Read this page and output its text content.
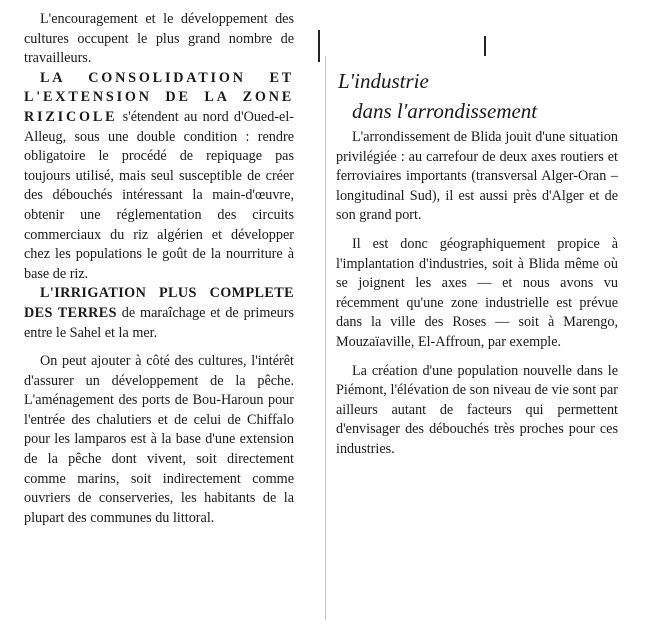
L'encouragement et le développement des cultures occupent le plus grand nombre de travailleurs.

LA CONSOLIDATION ET L'EXTENSION DE LA ZONE RIZICOLE s'étendent au nord d'Oued-el-Alleug, sous une double condition : rendre obligatoire le procédé de repiquage pas toujours utilisé, mais seul susceptible de créer des débouchés intéressant la main-d'œuvre, obtenir une réglementation des circuits commerciaux du riz algérien et développer chez les populations le goût de la nourriture à base de riz.

L'IRRIGATION PLUS COMPLETE DES TERRES de maraîchage et de primeurs entre le Sahel et la mer.

On peut ajouter à côté des cultures, l'intérêt d'assurer un développement de la pêche. L'aménagement des ports de Bou-Haroun pour l'entrée des chalutiers et de celui de Chiffalo pour les lamparos est à la base d'une extension de la pêche dont vivent, soit directement comme marins, soit indirectement comme ouvriers de conserveries, les habitants de la plupart des communes du littoral.

L'industrie
dans l'arrondissement

L'arrondissement de Blida jouit d'une situation privilégiée : au carrefour de deux axes routiers et ferroviaires importants (transversal Alger-Oran – longitudinal Sud), il est aussi près d'Alger et de son grand port.

Il est donc géographiquement propice à l'implantation d'industries, soit à Blida même où se joignent les axes — et nous avons vu récemment qu'une zone industrielle est prévue dans la ville des Roses — soit à Marengo, Mouzaïaville, El-Affroun, par exemple.

La création d'une population nouvelle dans le Piémont, l'élévation de son niveau de vie sont par ailleurs autant de facteurs qui permettent d'envisager des débouchés très proches pour ces industries.
